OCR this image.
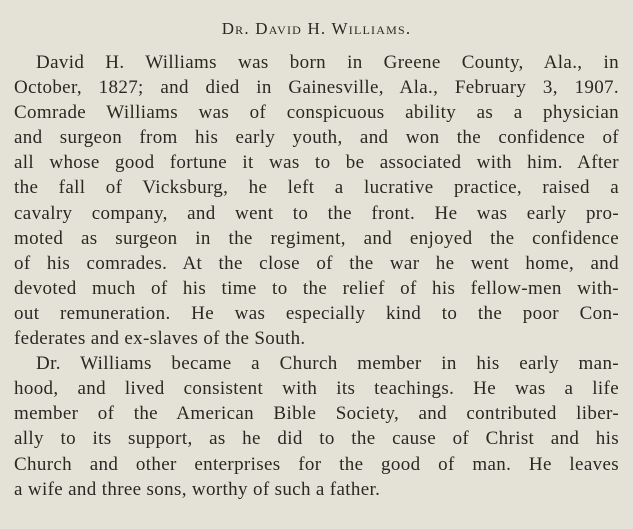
Dr. David H. Williams.
David H. Williams was born in Greene County, Ala., in
October, 1827; and died in Gainesville, Ala., February 3, 1907.
Comrade Williams was of conspicuous ability as a physician
and surgeon from his early youth, and won the confidence of
all whose good fortune it was to be associated with him. After
the fall of Vicksburg, he left a lucrative practice, raised a
cavalry company, and went to the front. He was early pro-
moted as surgeon in the regiment, and enjoyed the confidence
of his comrades. At the close of the war he went home, and
devoted much of his time to the relief of his fellow-men with-
out remuneration. He was especially kind to the poor Con-
federates and ex-slaves of the South.
Dr. Williams became a Church member in his early man-
hood, and lived consistent with its teachings. He was a life
member of the American Bible Society, and contributed liber-
ally to its support, as he did to the cause of Christ and his
Church and other enterprises for the good of man. He leaves
a wife and three sons, worthy of such a father.
